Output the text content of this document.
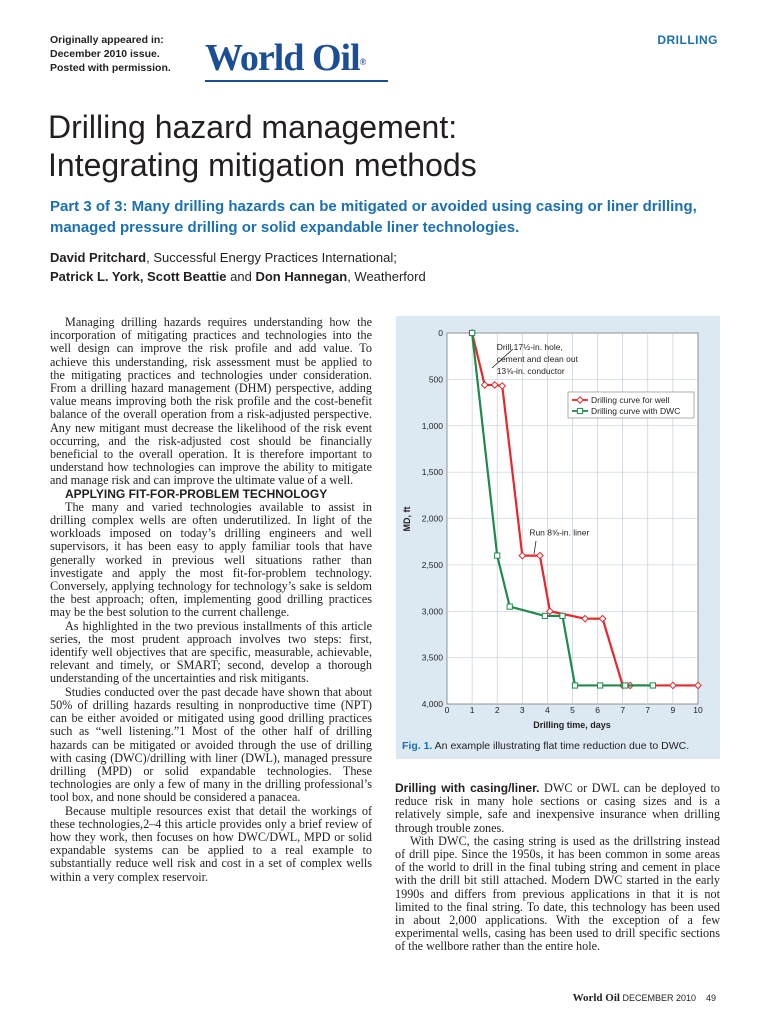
Originally appeared in:
December 2010 issue.
Posted with permission. World Oil®
DRILLING
Drilling hazard management:
Integrating mitigation methods
Part 3 of 3: Many drilling hazards can be mitigated or avoided using casing or liner drilling, managed pressure drilling or solid expandable liner technologies.
David Pritchard, Successful Energy Practices International;
Patrick L. York, Scott Beattie and Don Hannegan, Weatherford

Managing drilling hazards requires understanding how the incorporation of mitigating practices and technologies into the well design can improve the risk profile and add value. To achieve this understanding, risk assessment must be applied to the mitigating practices and technologies under consideration. From a drilling hazard management (DHM) perspective, adding value means improving both the risk profile and the cost-benefit balance of the overall operation from a risk-adjusted perspective. Any new mitigant must decrease the likelihood of the risk event occurring, and the risk-adjusted cost should be financially beneficial to the overall operation. It is therefore important to understand how technologies can improve the ability to mitigate and manage risk and can improve the ultimate value of a well.

APPLYING FIT-FOR-PROBLEM TECHNOLOGY

The many and varied technologies available to assist in drilling complex wells are often underutilized. In light of the workloads imposed on today’s drilling engineers and well supervisors, it has been easy to apply familiar tools that have generally worked in previous well situations rather than investigate and apply the most fit-for-problem technology. Conversely, applying technology for technology’s sake is seldom the best approach; often, implementing good drilling practices may be the best solution to the current challenge.

As highlighted in the two previous installments of this article series, the most prudent approach involves two steps: first, identify well objectives that are specific, measurable, achievable, relevant and timely, or SMART; second, develop a thorough understanding of the uncertainties and risk mitigants.

Studies conducted over the past decade have shown that about 50% of drilling hazards resulting in nonproductive time (NPT) can be either avoided or mitigated using good drilling practices such as “well listening.”1 Most of the other half of drilling hazards can be mitigated or avoided through the use of drilling with casing (DWC)/drilling with liner (DWL), managed pressure drilling (MPD) or solid expandable technologies. These technologies are only a few of many in the drilling professional’s tool box, and none should be considered a panacea.

Because multiple resources exist that detail the workings of these technologies,2–4 this article provides only a brief review of how they work, then focuses on how DWC/DWL, MPD or solid expandable systems can be applied to a real example to substantially reduce well risk and cost in a set of complex wells within a very complex reservoir.

0
500
1,000
1,500
2,000
2,500
3,000
3,500
4,000
0 1 2 3 4 5 6 7 7 9 10
Drill 17½-in. hole,
cement and clean out
13⅝-in. conductor
Run 8⅝-in. liner
Drilling curve for well
Drilling curve with DWC
MD, ft
Drilling time, days
Fig. 1. An example illustrating flat time reduction due to DWC.

Drilling with casing/liner. DWC or DWL can be deployed to reduce risk in many hole sections or casing sizes and is a relatively simple, safe and inexpensive insurance when drilling through trouble zones.

With DWC, the casing string is used as the drillstring instead of drill pipe. Since the 1950s, it has been common in some areas of the world to drill in the final tubing string and cement in place with the drill bit still attached. Modern DWC started in the early 1990s and differs from previous applications in that it is not limited to the final string. To date, this technology has been used in about 2,000 applications. With the exception of a few experimental wells, casing has been used to drill specific sections of the wellbore rather than the entire hole.

World Oil DECEMBER 2010 49
